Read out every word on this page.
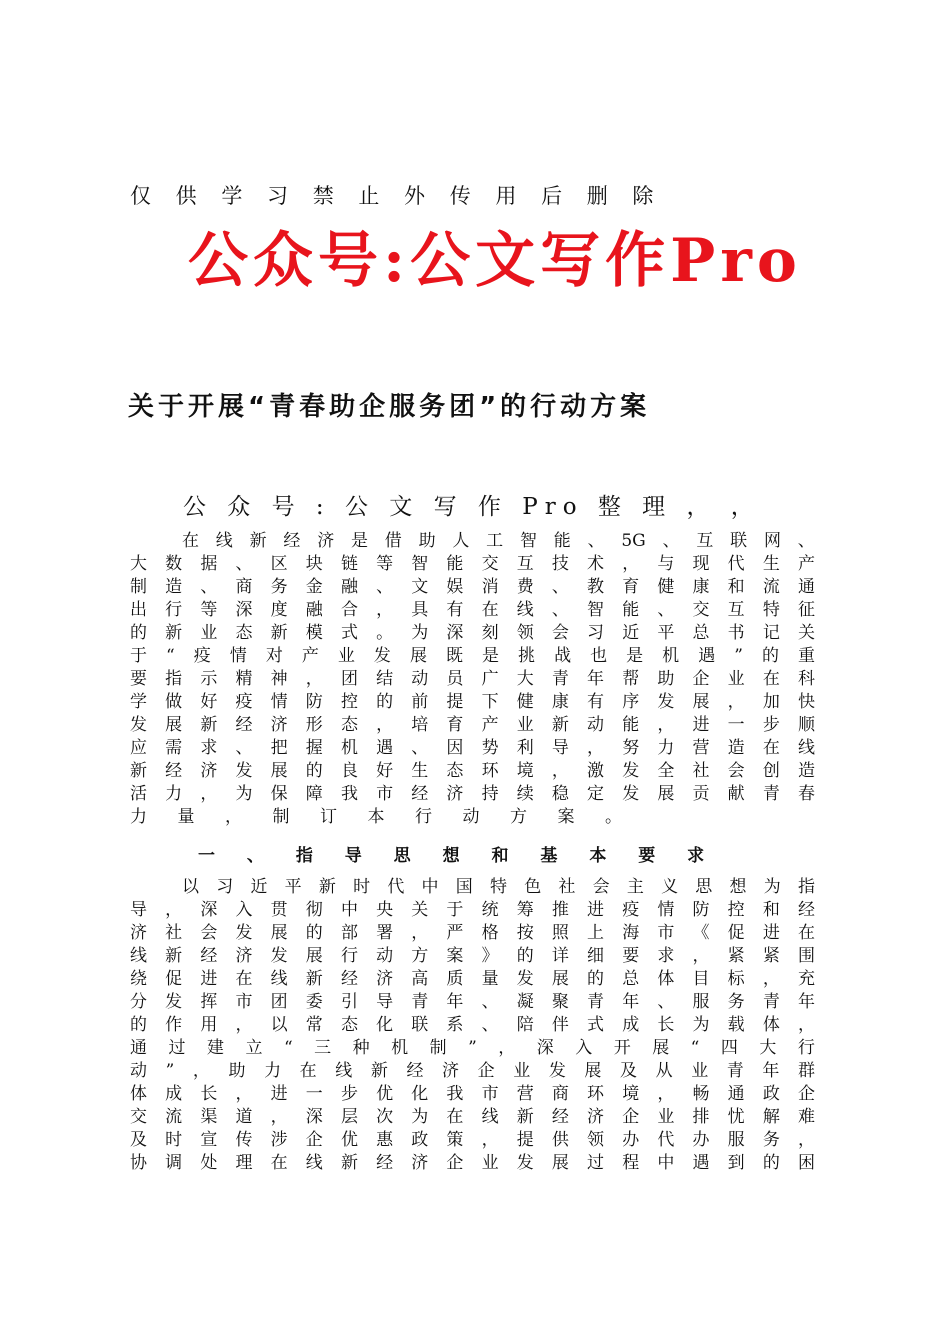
仅 供 学 习 禁 止 外 传 用 后 删 除
公众号:公文写作Pro
关于开展“青春助企服务团”的行动方案
公 众 号 : 公 文 写 作 Pro 整 理 ， ，
在 线 新 经 济 是 借 助 人 工 智 能 、 5G 、 互 联 网 、
大 数 据 、 区 块 链 等 智 能 交 互 技 术 ， 与 现 代 生 产
制 造 、 商 务 金 融 、 文 娱 消 费 、 教 育 健 康 和 流 通
出 行 等 深 度 融 合 ， 具 有 在 线 、 智 能 、 交 互 特 征
的 新 业 态 新 模 式 。 为 深 刻 领 会 习 近 平 总 书 记 关
于 “ 疫 情 对 产 业 发 展 既 是 挑 战 也 是 机 遇 ” 的 重
要 指 示 精 神 ， 团 结 动 员 广 大 青 年 帮 助 企 业 在 科
学 做 好 疫 情 防 控 的 前 提 下 健 康 有 序 发 展 ， 加 快
发 展 新 经 济 形 态 ， 培 育 产 业 新 动 能 ， 进 一 步 顺
应 需 求 、 把 握 机 遇 、 因 势 利 导 ， 努 力 营 造 在 线
新 经 济 发 展 的 良 好 生 态 环 境 ， 激 发 全 社 会 创 造
活 力 ， 为 保 障 我 市 经 济 持 续 稳 定 发 展 贡 献 青 春
力 量 ， 制 订 本 行 动 方 案 。
一 、 指 导 思 想 和 基 本 要 求
以 习 近 平 新 时 代 中 国 特 色 社 会 主 义 思 想 为 指
导 ， 深 入 贯 彻 中 央 关 于 统 筹 推 进 疫 情 防 控 和 经
济 社 会 发 展 的 部 署 ， 严 格 按 照 上 海 市 《 促 进 在
线 新 经 济 发 展 行 动 方 案 》 的 详 细 要 求 ， 紧 紧 围
绕 促 进 在 线 新 经 济 高 质 量 发 展 的 总 体 目 标 ， 充
分 发 挥 市 团 委 引 导 青 年 、 凝 聚 青 年 、 服 务 青 年
的 作 用 ， 以 常 态 化 联 系 、 陪 伴 式 成 长 为 载 体 ，
通 过 建 立 “ 三 种 机 制 ” ， 深 入 开 展 “ 四 大 行
动 ” ， 助 力 在 线 新 经 济 企 业 发 展 及 从 业 青 年 群
体 成 长 ， 进 一 步 优 化 我 市 营 商 环 境 ， 畅 通 政 企
交 流 渠 道 ， 深 层 次 为 在 线 新 经 济 企 业 排 忧 解 难
及 时 宣 传 涉 企 优 惠 政 策 ， 提 供 领 办 代 办 服 务 ，
协 调 处 理 在 线 新 经 济 企 业 发 展 过 程 中 遇 到 的 困
